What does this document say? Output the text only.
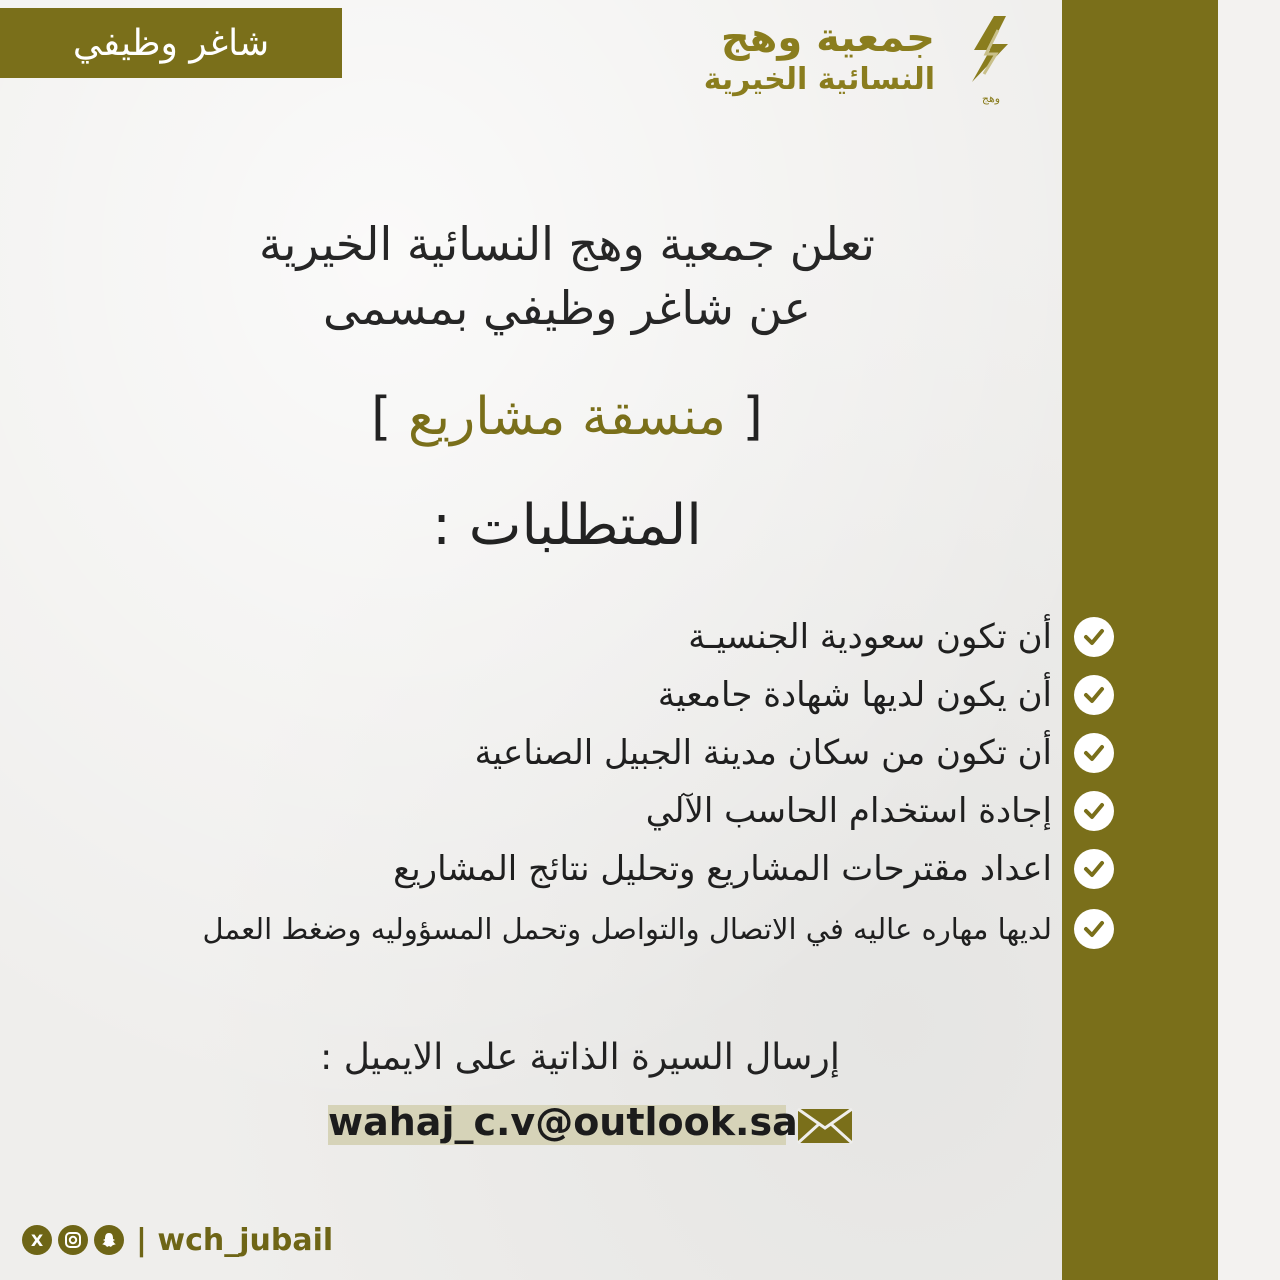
شاغر وظيفي	جمعية وهج
النسائية الخيرية
وهج
تعلن جمعية وهج النسائية الخيرية
عن شاغر وظيفي بمسمى
[ منسقة مشاريع ]
المتطلبات :
أن تكون سعودية الجنسيـة
أن يكون لديها شهادة جامعية
أن تكون من سكان مدينة الجبيل الصناعية
إجادة استخدام الحاسب الآلي
اعداد مقترحات المشاريع وتحليل نتائج المشاريع
لديها مهاره عاليه في الاتصال والتواصل وتحمل المسؤوليه وضغط العمل
إرسال السيرة الذاتية على الايميل :
wahaj_c.v@outlook.sa
X	| wch_jubail
